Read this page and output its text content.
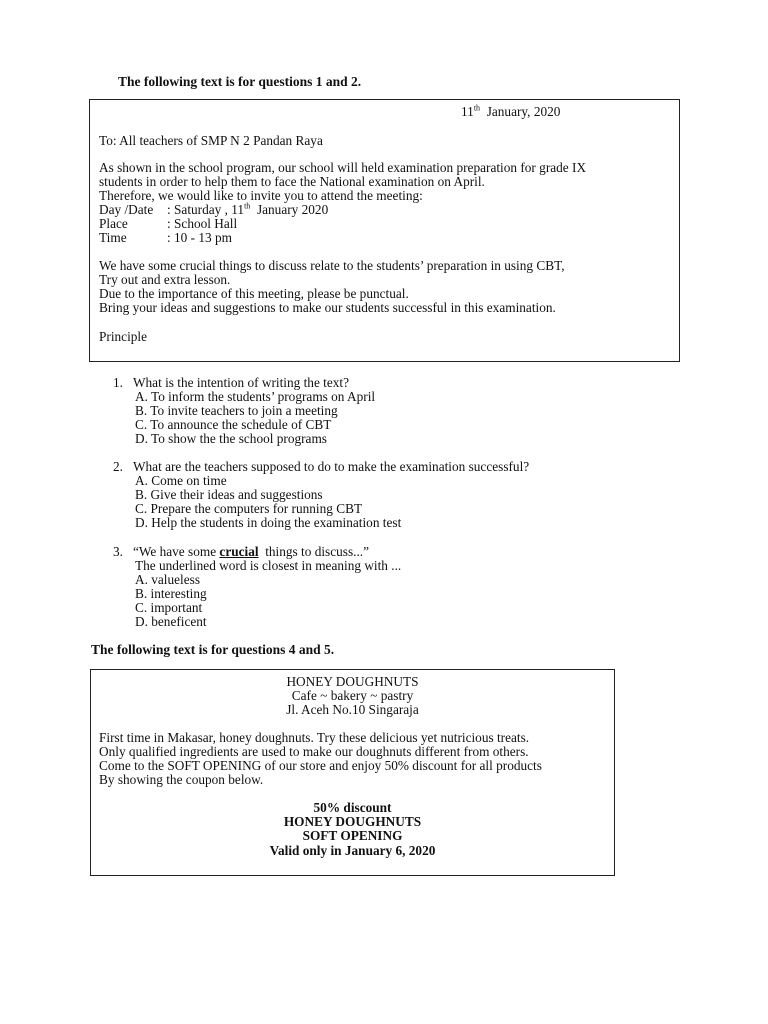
The following text is for questions 1 and 2.
11th  January, 2020
To: All teachers of SMP N 2 Pandan Raya
As shown in the school program, our school will held examination preparation for grade IX
students in order to help them to face the National examination on April.
Therefore, we would like to invite you to attend the meeting:
Day /Date : Saturday , 11th  January 2020
Place	: School Hall
Time	: 10 - 13 pm
We have some crucial things to discuss relate to the students’ preparation in using CBT,
Try out and extra lesson.
Due to the importance of this meeting, please be punctual.
Bring your ideas and suggestions to make our students successful in this examination.
Principle
1. What is the intention of writing the text?
A. To inform the students’ programs on April
B. To invite teachers to join a meeting
C. To announce the schedule of CBT
D. To show the the school programs
2. What are the teachers supposed to do to make the examination successful?
A. Come on time
B. Give their ideas and suggestions
C. Prepare the computers for running CBT
D. Help the students in doing the examination test
3. “We have some crucial  things to discuss...”
The underlined word is closest in meaning with ...
A. valueless
B. interesting
C. important
D. beneficent
The following text is for questions 4 and 5.
HONEY DOUGHNUTS
Cafe ~ bakery ~ pastry
Jl. Aceh No.10 Singaraja
First time in Makasar, honey doughnuts. Try these delicious yet nutricious treats.
Only qualified ingredients are used to make our doughnuts different from others.
Come to the SOFT OPENING of our store and enjoy 50% discount for all products
By showing the coupon below.
50% discount
HONEY DOUGHNUTS
SOFT OPENING
Valid only in January 6, 2020
